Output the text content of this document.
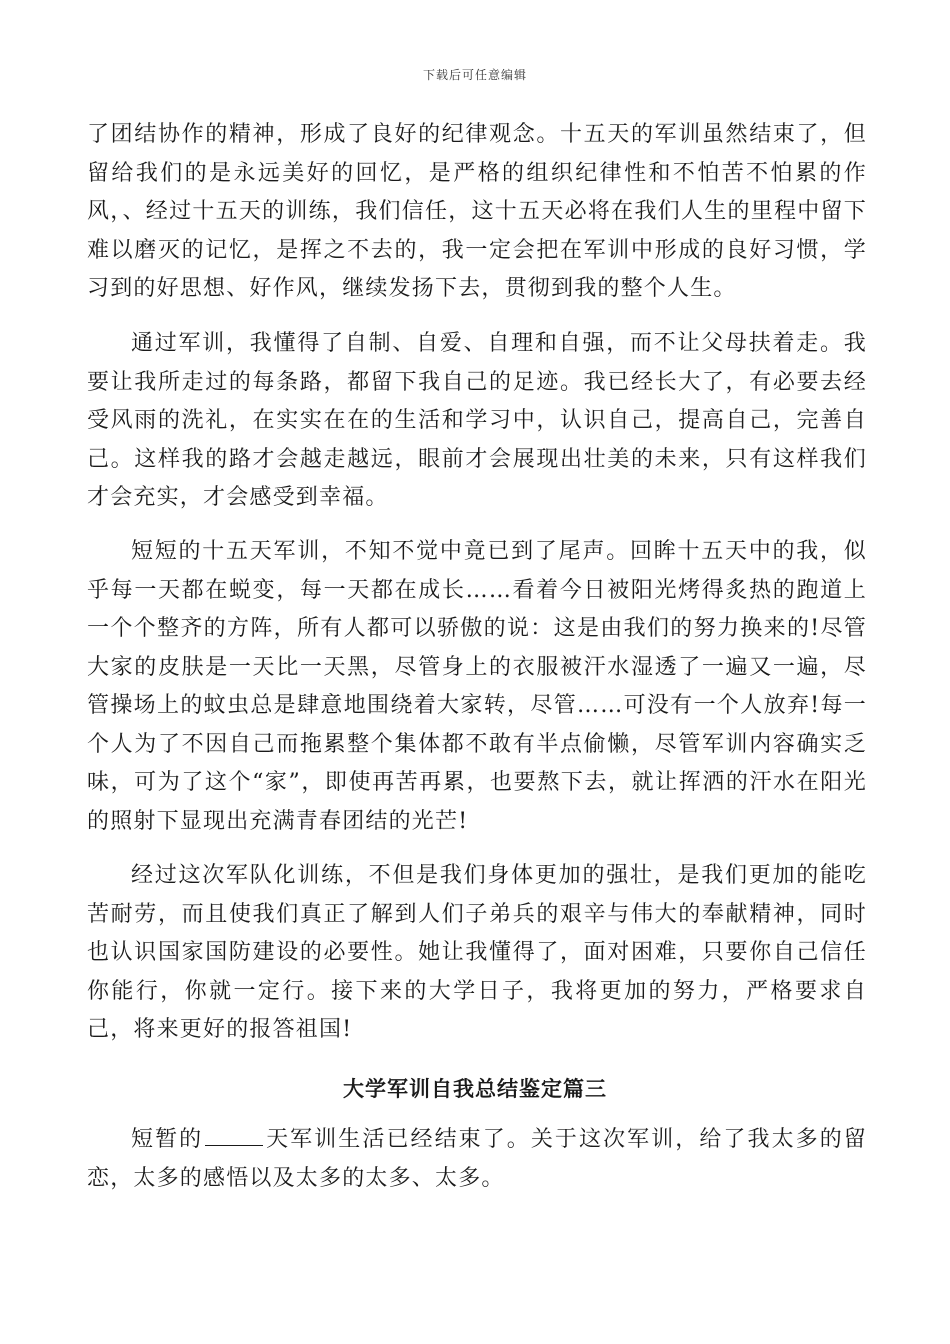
下载后可任意编辑

了团结协作的精神，形成了良好的纪律观念。十五天的军训虽然结束了，但留给我们的是永远美好的回忆，是严格的组织纪律性和不怕苦不怕累的作风，、经过十五天的训练，我们信任，这十五天必将在我们人生的里程中留下难以磨灭的记忆，是挥之不去的，我一定会把在军训中形成的良好习惯，学习到的好思想、好作风，继续发扬下去，贯彻到我的整个人生。

通过军训，我懂得了自制、自爱、自理和自强，而不让父母扶着走。我要让我所走过的每条路，都留下我自己的足迹。我已经长大了，有必要去经受风雨的洗礼，在实实在在的生活和学习中，认识自己，提高自己，完善自己。这样我的路才会越走越远，眼前才会展现出壮美的未来，只有这样我们才会充实，才会感受到幸福。

短短的十五天军训，不知不觉中竟已到了尾声。回眸十五天中的我，似乎每一天都在蜕变，每一天都在成长……看着今日被阳光烤得炙热的跑道上一个个整齐的方阵，所有人都可以骄傲的说：这是由我们的努力换来的!尽管大家的皮肤是一天比一天黑，尽管身上的衣服被汗水湿透了一遍又一遍，尽管操场上的蚊虫总是肆意地围绕着大家转，尽管……可没有一个人放弃!每一个人为了不因自己而拖累整个集体都不敢有半点偷懒，尽管军训内容确实乏味，可为了这个“家”，即使再苦再累，也要熬下去，就让挥洒的汗水在阳光的照射下显现出充满青春团结的光芒!

经过这次军队化训练，不但是我们身体更加的强壮，是我们更加的能吃苦耐劳，而且使我们真正了解到人们子弟兵的艰辛与伟大的奉献精神，同时也认识国家国防建设的必要性。她让我懂得了，面对困难，只要你自己信任你能行，你就一定行。接下来的大学日子，我将更加的努力，严格要求自己，将来更好的报答祖国!

大学军训自我总结鉴定篇三

短暂的	天军训生活已经结束了。关于这次军训，给了我太多的留恋，太多的感悟以及太多的太多、太多。
